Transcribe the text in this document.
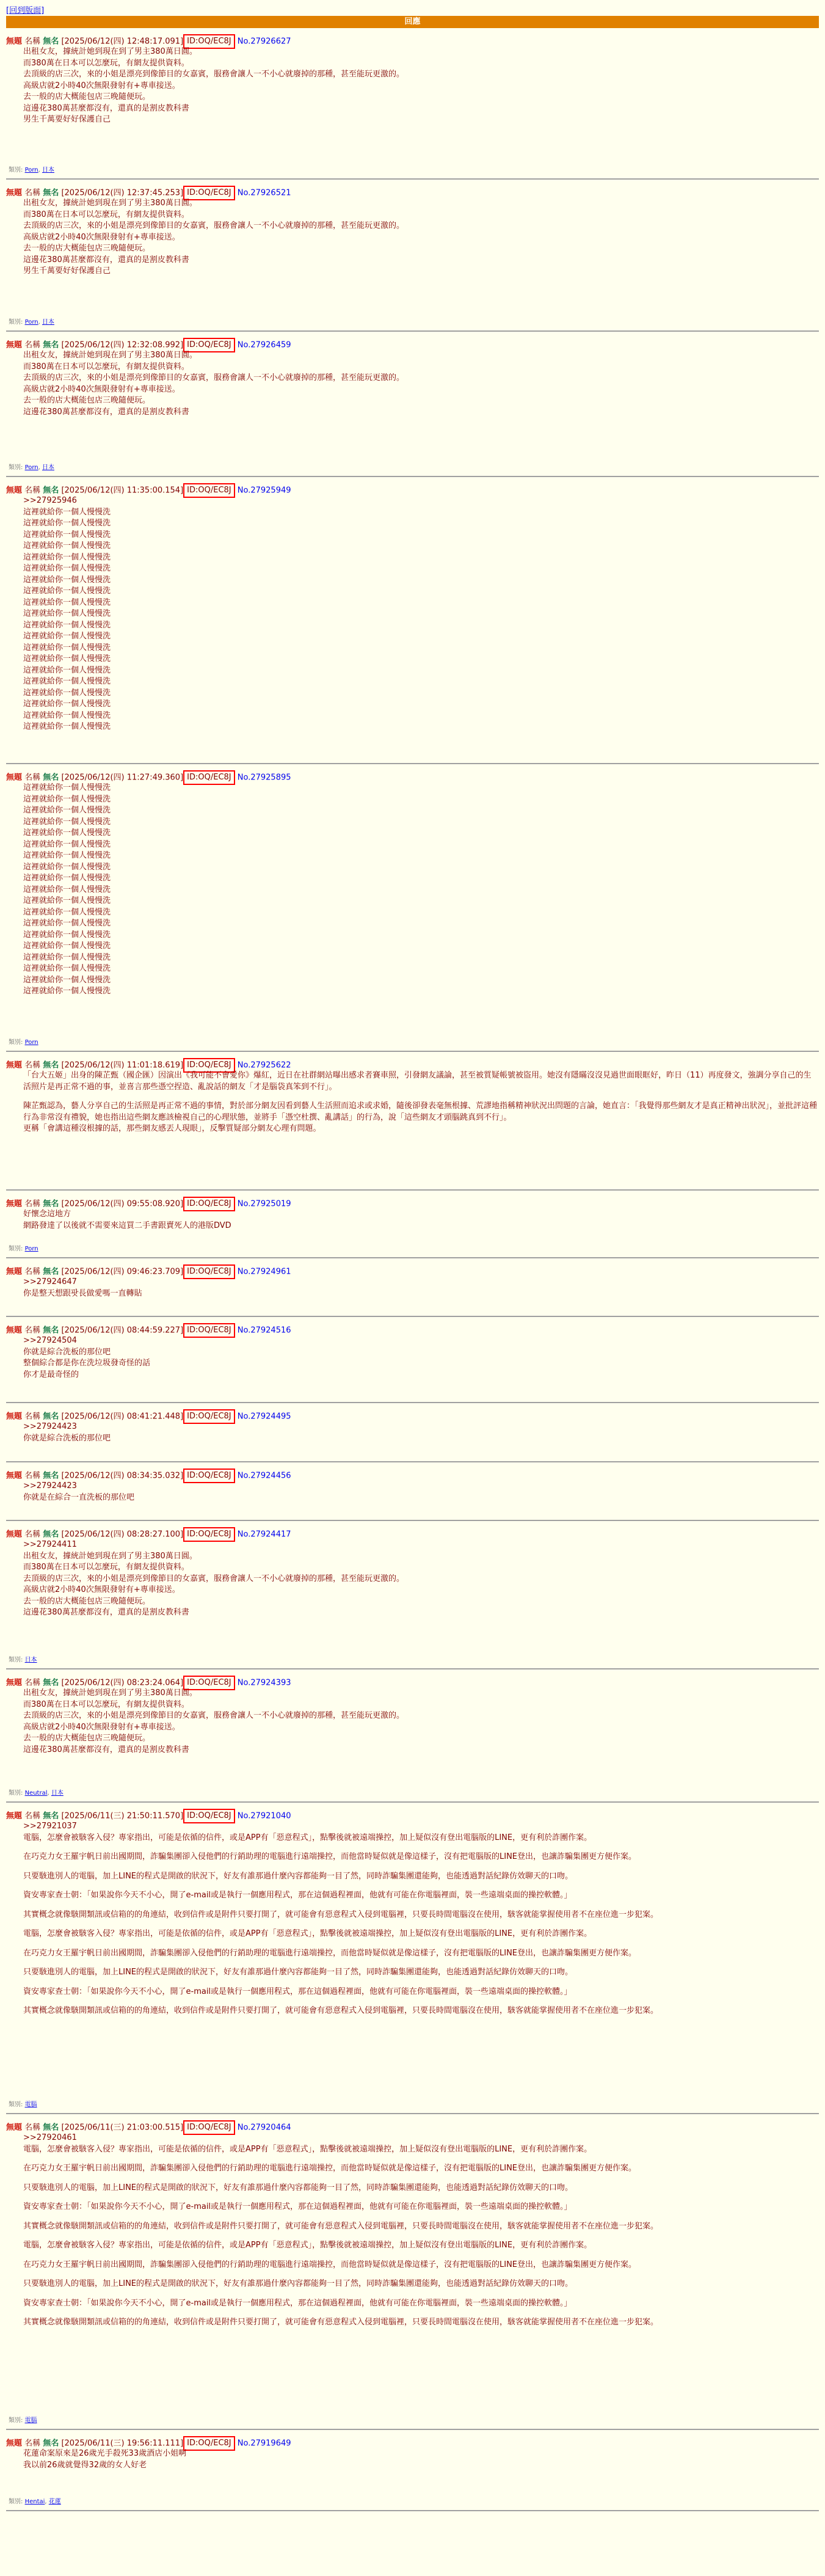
[回到版面]
回應
無題 名稱 無名 [2025/06/12(四) 12:48:17.091] ID:OQ/EC8J No.27926627
出租女友，據統計她到現在到了男主380萬日圓。
而380萬在日本可以怎麼玩，有網友提供資料。
去頂級的店三次，來的小姐是漂亮到像節目的女嘉賓，服務會讓人一不小心就廢掉的那種，甚至能玩更激的。
高級店就2小時40次無限發射有+專車接送。
去一般的店大概能包店三晚隨便玩。
這邊花380萬甚麼都沒有，還真的是割皮教科書
男生千萬要好好保護自己
類別: Porn, 日本
無題 名稱 無名 [2025/06/12(四) 12:37:45.253] ID:OQ/EC8J No.27926521
出租女友，據統計她到現在到了男主380萬日圓。
而380萬在日本可以怎麼玩，有網友提供資料。
去頂級的店三次，來的小姐是漂亮到像節目的女嘉賓，服務會讓人一不小心就廢掉的那種，甚至能玩更激的。
高級店就2小時40次無限發射有+專車接送。
去一般的店大概能包店三晚隨便玩。
這邊花380萬甚麼都沒有，還真的是割皮教科書
男生千萬要好好保護自己
類別: Porn, 日本
無題 名稱 無名 [2025/06/12(四) 12:32:08.992] ID:OQ/EC8J No.27926459
出租女友，據統計她到現在到了男主380萬日圓。
而380萬在日本可以怎麼玩，有網友提供資料。
去頂級的店三次，來的小姐是漂亮到像節目的女嘉賓，服務會讓人一不小心就廢掉的那種，甚至能玩更激的。
高級店就2小時40次無限發射有+專車接送。
去一般的店大概能包店三晚隨便玩。
這邊花380萬甚麼都沒有，還真的是割皮教科書
類別: Porn, 日本
無題 名稱 無名 [2025/06/12(四) 11:35:00.154] ID:OQ/EC8J No.27925949
>>27925946
這裡就給你一個人慢慢洗
這裡就給你一個人慢慢洗
這裡就給你一個人慢慢洗
這裡就給你一個人慢慢洗
這裡就給你一個人慢慢洗
這裡就給你一個人慢慢洗
這裡就給你一個人慢慢洗
這裡就給你一個人慢慢洗
這裡就給你一個人慢慢洗
這裡就給你一個人慢慢洗
這裡就給你一個人慢慢洗
這裡就給你一個人慢慢洗
這裡就給你一個人慢慢洗
這裡就給你一個人慢慢洗
這裡就給你一個人慢慢洗
這裡就給你一個人慢慢洗
這裡就給你一個人慢慢洗
這裡就給你一個人慢慢洗
這裡就給你一個人慢慢洗
這裡就給你一個人慢慢洗
無題 名稱 無名 [2025/06/12(四) 11:27:49.360] ID:OQ/EC8J No.27925895
這裡就給你一個人慢慢洗
這裡就給你一個人慢慢洗
這裡就給你一個人慢慢洗
這裡就給你一個人慢慢洗
這裡就給你一個人慢慢洗
這裡就給你一個人慢慢洗
這裡就給你一個人慢慢洗
這裡就給你一個人慢慢洗
這裡就給你一個人慢慢洗
這裡就給你一個人慢慢洗
這裡就給你一個人慢慢洗
這裡就給你一個人慢慢洗
這裡就給你一個人慢慢洗
這裡就給你一個人慢慢洗
這裡就給你一個人慢慢洗
這裡就給你一個人慢慢洗
這裡就給你一個人慢慢洗
這裡就給你一個人慢慢洗
這裡就給你一個人慢慢洗
類別: Porn
無題 名稱 無名 [2025/06/12(四) 11:01:18.619] ID:OQ/EC8J No.27925622
「台大五姬」出身的陳芷甄（國企匯）因演出《我可能不會愛你》爆紅，近日在社群網站曝出感求者賽車照，引發網友議論，甚至被質疑帳號被盜用。她沒有隱瞞沒沒見過世面眼眶好，昨日（11）再度發文，強調分享自己的生活照片是再正常不過的事，並喜言那些憑空捏造、亂說話的網友「才是腦袋真笨到不行」。
陳芷甄認為，藝人分享自己的生活照是再正常不過的事情，對於部分網友因看到藝人生活照而追求或求婚，隨後卻發表毫無根據、荒謬地指稱精神狀況出問題的言論，她直言：「我覺得那些網友才是真正精神出狀況」，並批評這種行為非常沒有禮貌，她也指出這些網友應該檢視自己的心理狀態，並將手「憑空杜撰、亂講話」的行為，說「這些網友才頭腦跳真到不行」。
更稱「會講這種沒根據的話，那些網友感丟人現眼」，反擊質疑部分網友心理有問題。
無題 名稱 無名 [2025/06/12(四) 09:55:08.920] ID:OQ/EC8J No.27925019
好懷念這地方
網路發達了以後就不需要來這買二手書跟賣死人的港版DVD
類別: Porn
無題 名稱 無名 [2025/06/12(四) 09:46:23.709] ID:OQ/EC8J No.27924961
>>27924647
你是整天想跟팟長做愛嗎一直轉貼
無題 名稱 無名 [2025/06/12(四) 08:44:59.227] ID:OQ/EC8J No.27924516
>>27924504
你就是綜合洗板的那位吧
整個綜合都是你在洗垃圾發奇怪的話
你才是最奇怪的
無題 名稱 無名 [2025/06/12(四) 08:41:21.448] ID:OQ/EC8J No.27924495
>>27924423
你就是綜合洗板的那位吧
無題 名稱 無名 [2025/06/12(四) 08:34:35.032] ID:OQ/EC8J No.27924456
>>27924423
你就是在綜合一直洗板的那位吧
無題 名稱 無名 [2025/06/12(四) 08:28:27.100] ID:OQ/EC8J No.27924417
>>27924411
出租女友，據統計她到現在到了男主380萬日圓。
而380萬在日本可以怎麼玩，有網友提供資料。
去頂級的店三次，來的小姐是漂亮到像節目的女嘉賓，服務會讓人一不小心就廢掉的那種，甚至能玩更激的。
高級店就2小時40次無限發射有+專車接送。
去一般的店大概能包店三晚隨便玩。
這邊花380萬甚麼都沒有，還真的是割皮教科書
類別: 日本
無題 名稱 無名 [2025/06/12(四) 08:23:24.064] ID:OQ/EC8J No.27924393
出租女友，據統計她到現在到了男主380萬日圓。
而380萬在日本可以怎麼玩，有網友提供資料。
去頂級的店三次，來的小姐是漂亮到像節目的女嘉賓，服務會讓人一不小心就廢掉的那種，甚至能玩更激的。
高級店就2小時40次無限發射有+專車接送。
去一般的店大概能包店三晚隨便玩。
這邊花380萬甚麼都沒有，還真的是割皮教科書
類別: Neutral, 日本
無題 名稱 無名 [2025/06/11(三) 21:50:11.570] ID:OQ/EC8J No.27921040
>>27921037
電腦，怎麼會被駭客入侵？專家指出，可能是依循的信件，或是APP有「惡意程式」，點擊後就被遠端操控，加上疑似沒有登出電腦版的LINE，更有利於詐團作案。
在巧克力女王羅宇帆日前出國期間，詐騙集團卻入侵他們的行銷助理的電腦進行遠端操控，而他當時疑似就是像這樣子，沒有把電腦版的LINE登出，也讓詐騙集團更方便作案。
只要駭進別人的電腦，加上LINE的程式是開啟的狀況下，好友有誰那過什麼內容都能夠一目了然，同時詐騙集團還能夠，也能透過對話紀錄仿效聊天的口吻。
資安專家查士朝：「如果說你今天不小心，開了e-mail或是執行一個應用程式，那在這個過程裡面，他就有可能在你電腦裡面，裝一些遠端桌面的操控軟體。」
其實概念就像駭開類訊或信箱的的角連結，收到信件或是附件只要打開了，就可能會有惡意程式入侵到電腦裡，只要長時間電腦沒在使用，駭客就能掌握使用者不在座位進一步犯案。
電腦，怎麼會被駭客入侵？專家指出，可能是依循的信件，或是APP有「惡意程式」，點擊後就被遠端操控，加上疑似沒有登出電腦版的LINE，更有利於詐團作案。
在巧克力女王羅宇帆日前出國期間，詐騙集團卻入侵他們的行銷助理的電腦進行遠端操控，而他當時疑似就是像這樣子，沒有把電腦版的LINE登出，也讓詐騙集團更方便作案。
只要駭進別人的電腦，加上LINE的程式是開啟的狀況下，好友有誰那過什麼內容都能夠一目了然，同時詐騙集團還能夠，也能透過對話紀錄仿效聊天的口吻。
資安專家查士朝：「如果說你今天不小心，開了e-mail或是執行一個應用程式，那在這個過程裡面，他就有可能在你電腦裡面，裝一些遠端桌面的操控軟體。」
其實概念就像駭開類訊或信箱的的角連結，收到信件或是附件只要打開了，就可能會有惡意程式入侵到電腦裡，只要長時間電腦沒在使用，駭客就能掌握使用者不在座位進一步犯案。
類別: 電腦
無題 名稱 無名 [2025/06/11(三) 21:03:00.515] ID:OQ/EC8J No.27920464
>>27920461
電腦，怎麼會被駭客入侵？專家指出，可能是依循的信件，或是APP有「惡意程式」，點擊後就被遠端操控，加上疑似沒有登出電腦版的LINE，更有利於詐團作案。
在巧克力女王羅宇帆日前出國期間，詐騙集團卻入侵他們的行銷助理的電腦進行遠端操控，而他當時疑似就是像這樣子，沒有把電腦版的LINE登出，也讓詐騙集團更方便作案。
只要駭進別人的電腦，加上LINE的程式是開啟的狀況下，好友有誰那過什麼內容都能夠一目了然，同時詐騙集團還能夠，也能透過對話紀錄仿效聊天的口吻。
資安專家查士朝：「如果說你今天不小心，開了e-mail或是執行一個應用程式，那在這個過程裡面，他就有可能在你電腦裡面，裝一些遠端桌面的操控軟體。」
其實概念就像駭開類訊或信箱的的角連結，收到信件或是附件只要打開了，就可能會有惡意程式入侵到電腦裡，只要長時間電腦沒在使用，駭客就能掌握使用者不在座位進一步犯案。
電腦，怎麼會被駭客入侵？專家指出，可能是依循的信件，或是APP有「惡意程式」，點擊後就被遠端操控，加上疑似沒有登出電腦版的LINE，更有利於詐團作案。
在巧克力女王羅宇帆日前出國期間，詐騙集團卻入侵他們的行銷助理的電腦進行遠端操控，而他當時疑似就是像這樣子，沒有把電腦版的LINE登出，也讓詐騙集團更方便作案。
只要駭進別人的電腦，加上LINE的程式是開啟的狀況下，好友有誰那過什麼內容都能夠一目了然，同時詐騙集團還能夠，也能透過對話紀錄仿效聊天的口吻。
資安專家查士朝：「如果說你今天不小心，開了e-mail或是執行一個應用程式，那在這個過程裡面，他就有可能在你電腦裡面，裝一些遠端桌面的操控軟體。」
其實概念就像駭開類訊或信箱的的角連結，收到信件或是附件只要打開了，就可能會有惡意程式入侵到電腦裡，只要長時間電腦沒在使用，駭客就能掌握使用者不在座位進一步犯案。
類別: 電腦
無題 名稱 無名 [2025/06/11(三) 19:56:11.111] ID:OQ/EC8J No.27919649
花蓮命案原來是26歲光手殺死33歲酒店小姐啊
我以前26歲就覺得32歲的女人好老
類別: Hentai, 花蓮
